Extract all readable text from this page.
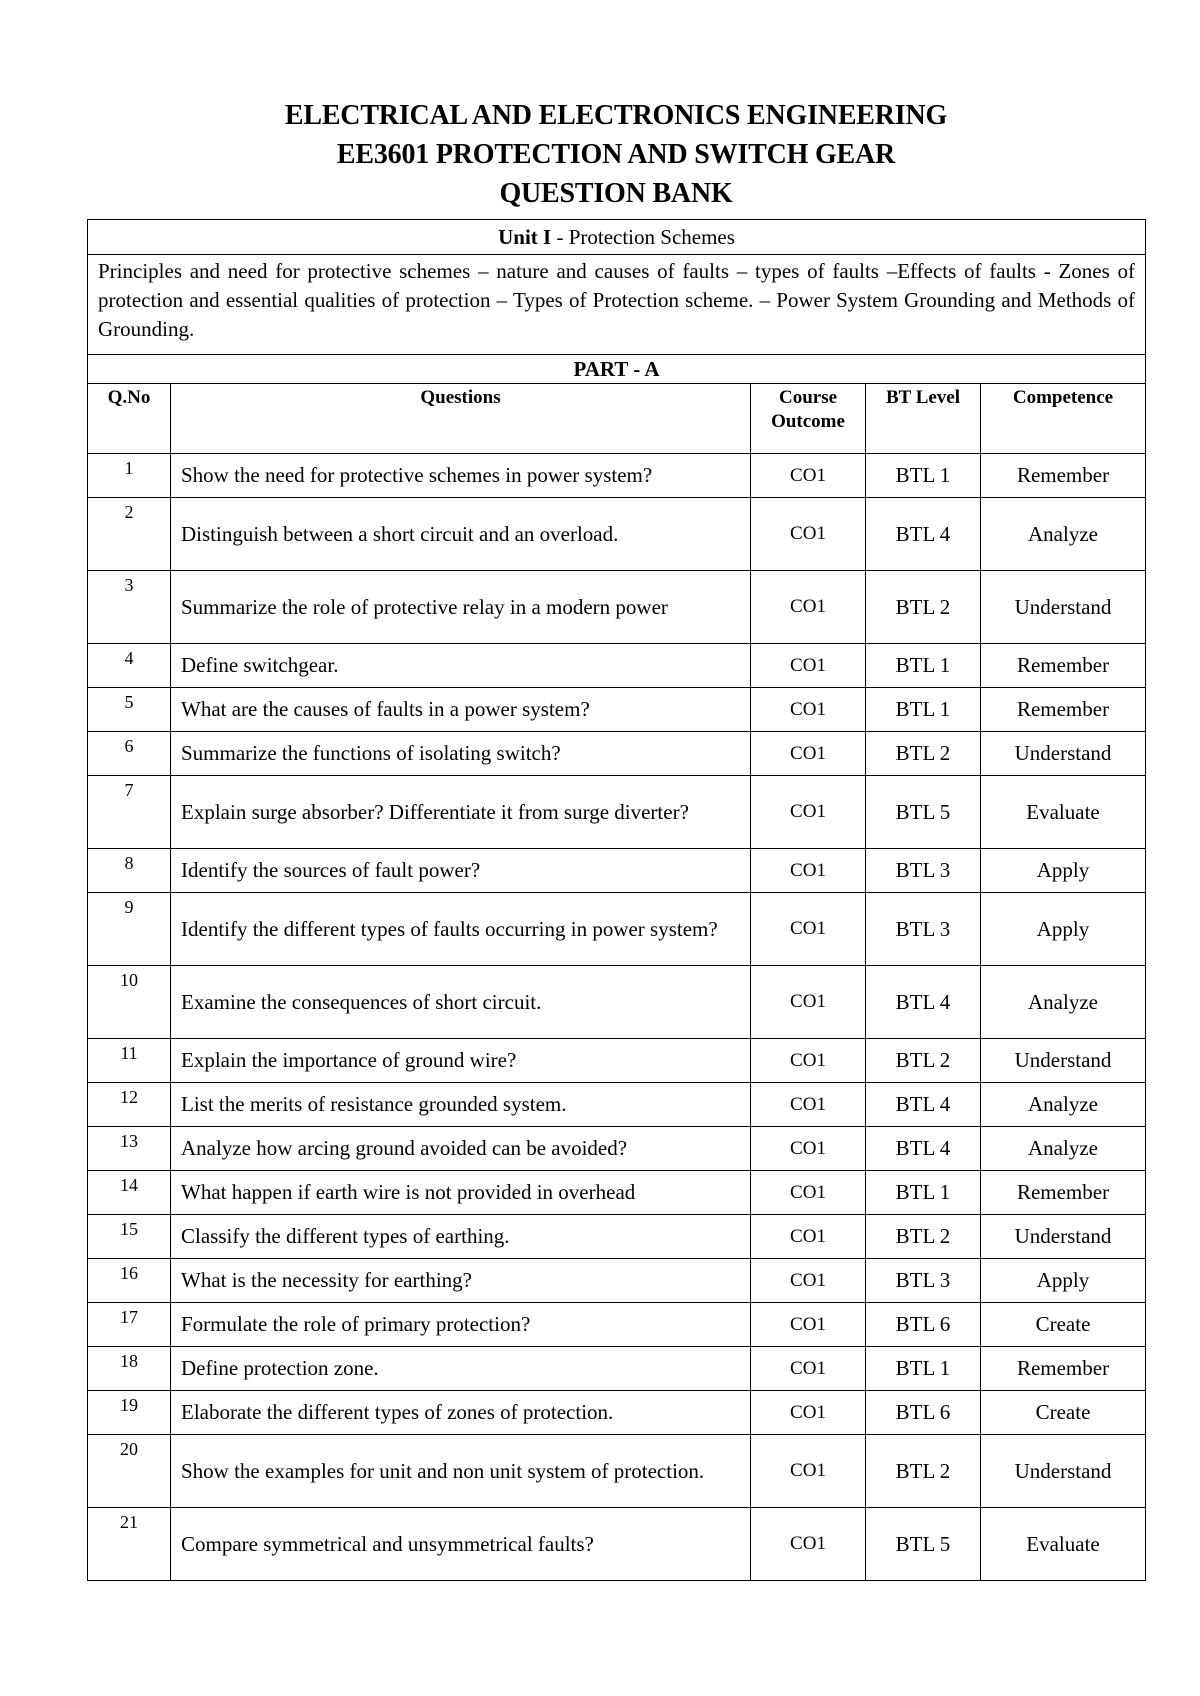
ELECTRICAL AND ELECTRONICS ENGINEERING
EE3601 PROTECTION AND SWITCH GEAR
QUESTION BANK
Unit I - Protection Schemes				
Principles and need for protective schemes – nature and causes of faults – types of faults –Effects of faults - Zones of protection and essential qualities of protection – Types of Protection scheme. – Power System Grounding and Methods of Grounding.				
PART - A				
Q.No	Questions	Course Outcome	BT Level	Competence
1	Show the need for protective schemes in power system?	CO1	BTL 1	Remember
2	Distinguish between a short circuit and an overload.	CO1	BTL 4	Analyze
3	Summarize the role of protective relay in a modern power	CO1	BTL 2	Understand
4	Define switchgear.	CO1	BTL 1	Remember
5	What are the causes of faults in a power system?	CO1	BTL 1	Remember
6	Summarize the functions of isolating switch?	CO1	BTL 2	Understand
7	Explain surge absorber? Differentiate it from surge diverter?	CO1	BTL 5	Evaluate
8	Identify the sources of fault power?	CO1	BTL 3	Apply
9	Identify the different types of faults occurring in power system?	CO1	BTL 3	Apply
10	Examine the consequences of short circuit.	CO1	BTL 4	Analyze
11	Explain the importance of ground wire?	CO1	BTL 2	Understand
12	List the merits of resistance grounded system.	CO1	BTL 4	Analyze
13	Analyze how arcing ground avoided can be avoided?	CO1	BTL 4	Analyze
14	What happen if earth wire is not provided in overhead	CO1	BTL 1	Remember
15	Classify the different types of earthing.	CO1	BTL 2	Understand
16	What is the necessity for earthing?	CO1	BTL 3	Apply
17	Formulate the role of primary protection?	CO1	BTL 6	Create
18	Define protection zone.	CO1	BTL 1	Remember
19	Elaborate the different types of zones of protection.	CO1	BTL 6	Create
20	Show the examples for unit and non unit system of protection.	CO1	BTL 2	Understand
21	Compare symmetrical and unsymmetrical faults?	CO1	BTL 5	Evaluate
